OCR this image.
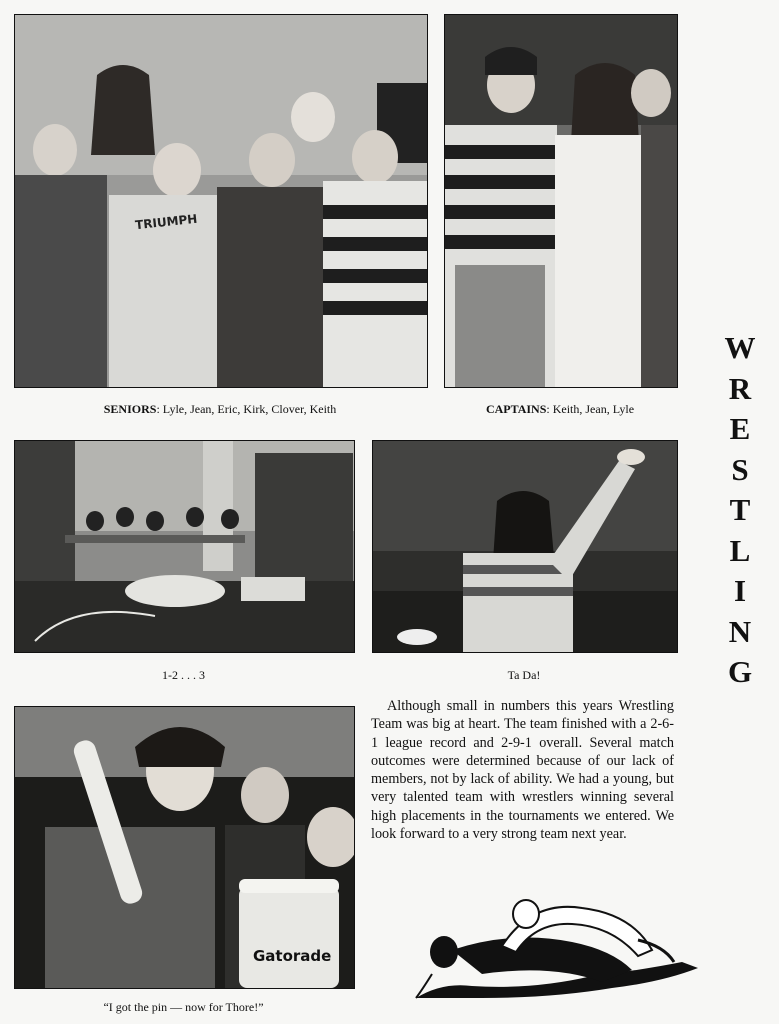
TRIUMPH
SENIORS: Lyle, Jean, Eric, Kirk, Clover, Keith	CAPTAINS: Keith, Jean, Lyle
W
R
E
S
T
L
I
N
G
1-2 . . . 3	Ta Da!
Gatorade
“I got the pin — now for Thore!”

Although small in numbers this years Wrestling Team was big at heart. The team finished with a 2-6-1 league record and 2-9-1 overall. Several match outcomes were determined because of our lack of members, not by lack of ability. We had a young, but very talented team with wrestlers winning several high placements in the tournaments we entered. We look forward to a very strong team next year.
